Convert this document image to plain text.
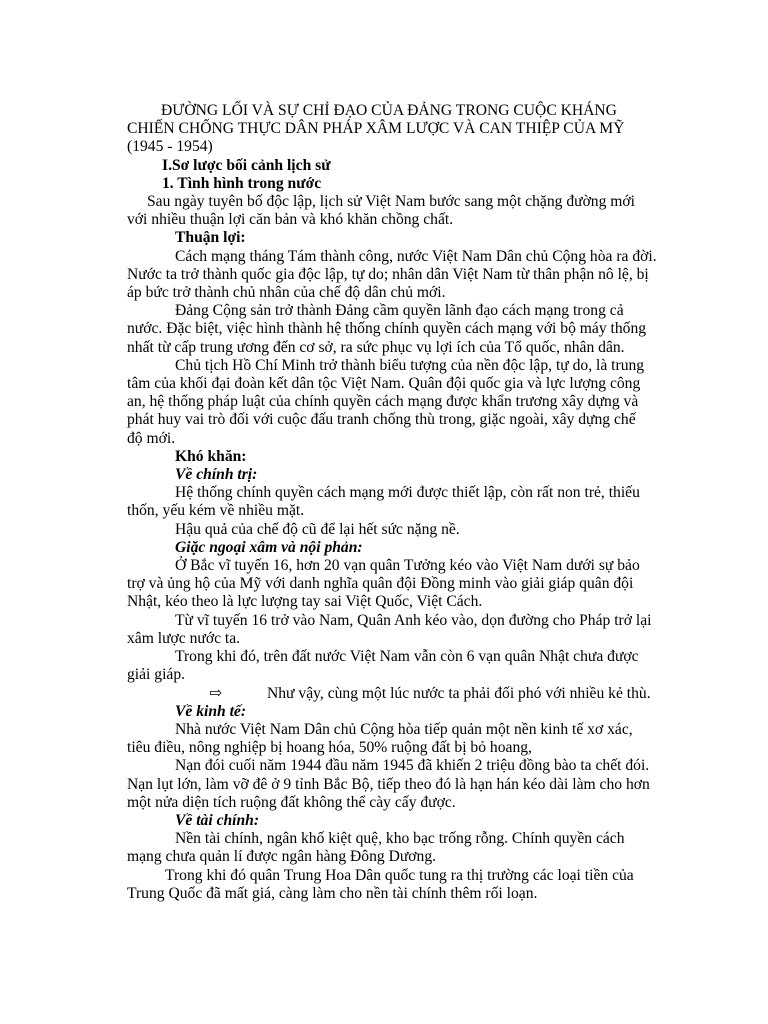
ĐƯỜNG LỐI VÀ SỰ CHỈ ĐẠO CỦA ĐẢNG TRONG CUỘC KHÁNG
CHIẾN CHỐNG THỰC DÂN PHÁP XÂM LƯỢC VÀ CAN THIỆP CỦA MỸ
(1945 - 1954)
I.Sơ lược bối cảnh lịch sử
1. Tình hình trong nước
Sau ngày tuyên bố độc lập, lịch sử Việt Nam bước sang một chặng đường mới
với nhiều thuận lợi căn bản và khó khăn chồng chất.
Thuận lợi:
Cách mạng tháng Tám thành công, nước Việt Nam Dân chủ Cộng hòa ra đời.
Nước ta trở thành quốc gia độc lập, tự do; nhân dân Việt Nam từ thân phận nô lệ, bị
áp bức trở thành chủ nhân của chế độ dân chủ mới.
Đảng Cộng sản trở thành Đảng cầm quyền lãnh đạo cách mạng trong cả
nước. Đặc biệt, việc hình thành hệ thống chính quyền cách mạng với bộ máy thống
nhất từ cấp trung ương đến cơ sở, ra sức phục vụ lợi ích của Tổ quốc, nhân dân.
Chủ tịch Hồ Chí Minh trở thành biểu tượng của nền độc lập, tự do, là trung
tâm của khối đại đoàn kết dân tộc Việt Nam. Quân đội quốc gia và lực lượng công
an, hệ thống pháp luật của chính quyền cách mạng được khẩn trương xây dựng và
phát huy vai trò đối với cuộc đấu tranh chống thù trong, giặc ngoài, xây dựng chế
độ mới.
Khó khăn:
Về chính trị:
Hệ thống chính quyền cách mạng mới được thiết lập, còn rất non trẻ, thiếu
thốn, yếu kém về nhiều mặt.
Hậu quả của chế độ cũ để lại hết sức nặng nề.
Giặc ngoại xâm và nội phản:
Ở Bắc vĩ tuyến 16, hơn 20 vạn quân Tưởng kéo vào Việt Nam dưới sự bảo
trợ và ủng hộ của Mỹ với danh nghĩa quân đội Đồng minh vào giải giáp quân đội
Nhật, kéo theo là lực lượng tay sai Việt Quốc, Việt Cách.
Từ vĩ tuyến 16 trở vào Nam, Quân Anh kéo vào, dọn đường cho Pháp trở lại
xâm lược nước ta.
Trong khi đó, trên đất nước Việt Nam vẫn còn 6 vạn quân Nhật chưa được
giải giáp.
⇨	Như vậy, cùng một lúc nước ta phải đối phó với nhiều kẻ thù.
Về kinh tế:
Nhà nước Việt Nam Dân chủ Cộng hòa tiếp quản một nền kinh tế xơ xác,
tiêu điều, nông nghiệp bị hoang hóa, 50% ruộng đất bị bỏ hoang,
Nạn đói cuối năm 1944 đầu năm 1945 đã khiến 2 triệu đồng bào ta chết đói.
Nạn lụt lớn, làm vỡ đê ở 9 tỉnh Bắc Bộ, tiếp theo đó là hạn hán kéo dài làm cho hơn
một nửa diện tích ruộng đất không thể cày cấy được.
Về tài chính:
Nền tài chính, ngân khố kiệt quệ, kho bạc trống rỗng. Chính quyền cách
mạng chưa quản lí được ngân hàng Đông Dương.
Trong khi đó quân Trung Hoa Dân quốc tung ra thị trường các loại tiền của
Trung Quốc đã mất giá, càng làm cho nền tài chính thêm rối loạn.
